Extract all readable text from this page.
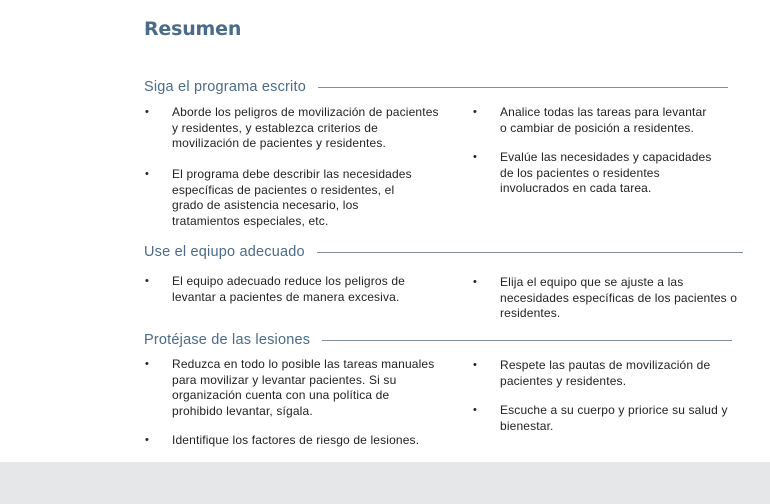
Resumen
Siga el programa escrito
• Aborde los peligros de movilización de pacientes y residentes, y establezca criterios de movilización de pacientes y residentes.
• El programa debe describir las necesidades específicas de pacientes o residentes, el grado de asistencia necesario, los tratamientos especiales, etc.
• Analice todas las tareas para levantar o cambiar de posición a residentes.
• Evalúe las necesidades y capacidades de los pacientes o residentes involucrados en cada tarea.
Use el eqiupo adecuado
• El equipo adecuado reduce los peligros de levantar a pacientes de manera excesiva.
• Elija el equipo que se ajuste a las necesidades específicas de los pacientes o residentes.
Protéjase de las lesiones
• Reduzca en todo lo posible las tareas manuales para movilizar y levantar pacientes. Si su organización cuenta con una política de prohibido levantar, sígala.
• Identifique los factores de riesgo de lesiones.
• Respete las pautas de movilización de pacientes y residentes.
• Escuche a su cuerpo y priorice su salud y bienestar.
